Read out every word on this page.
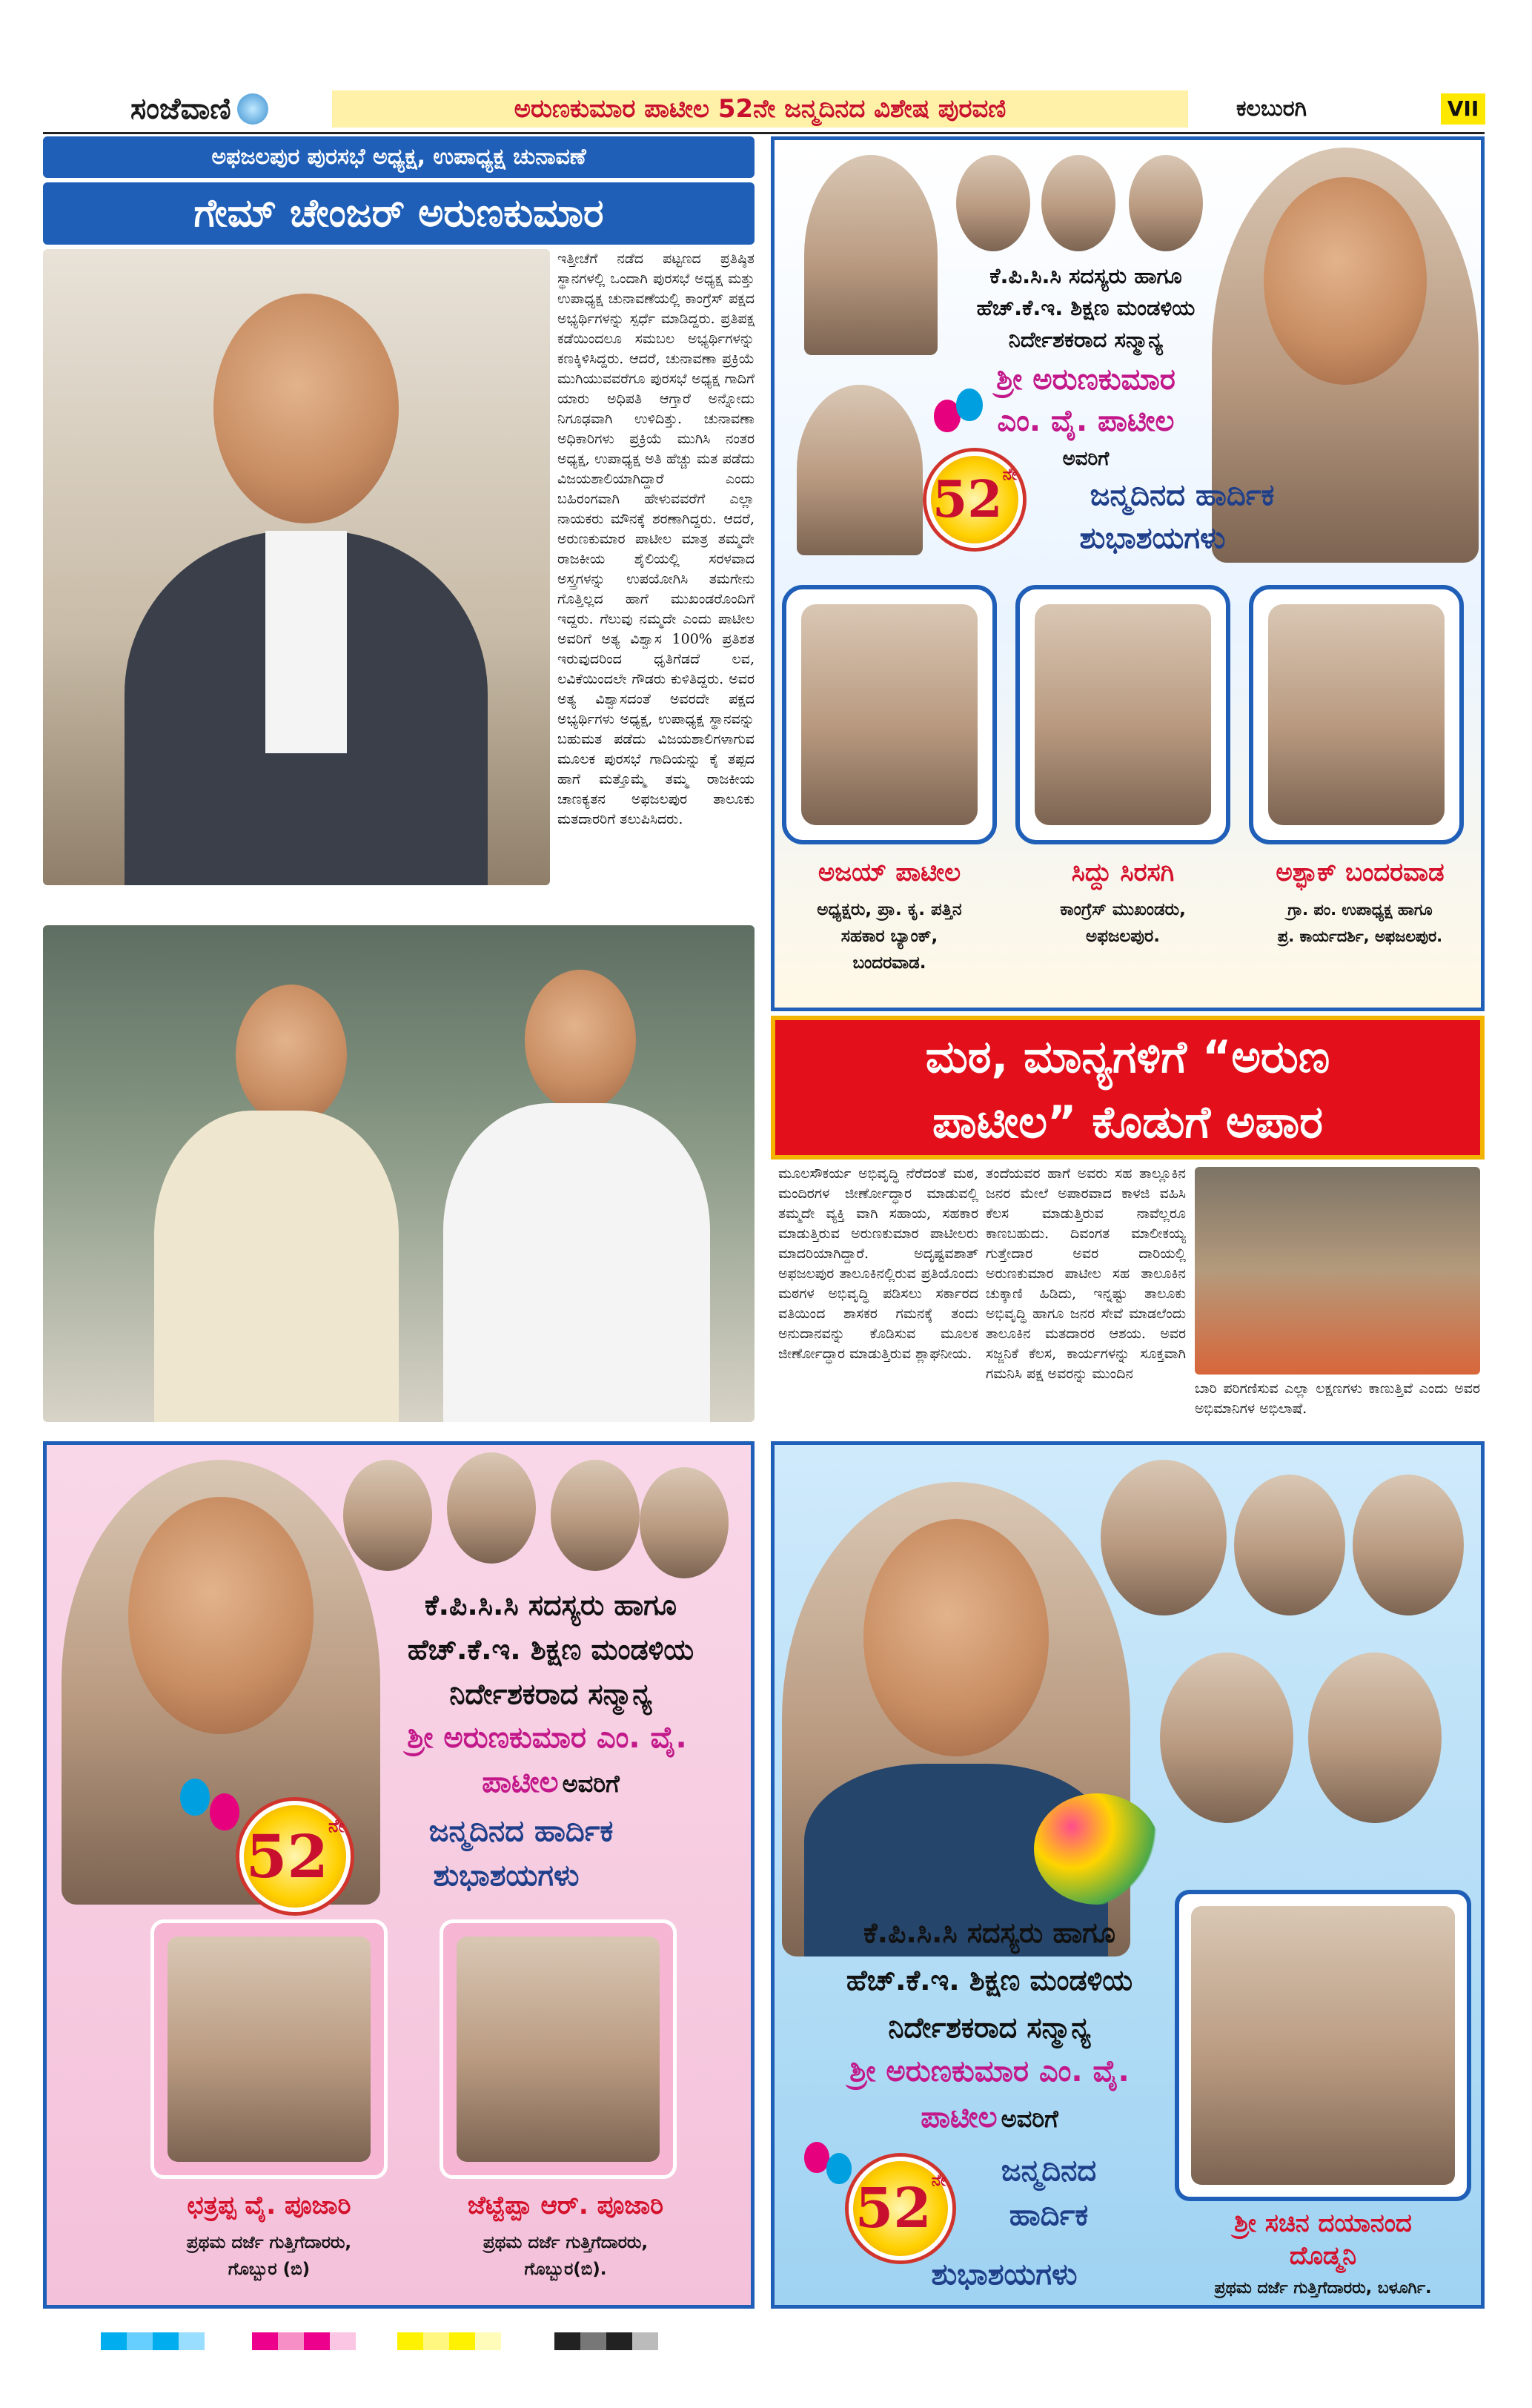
ಸಂಜೆವಾಣಿ	ಅರುಣಕುಮಾರ ಪಾಟೀಲ 52ನೇ ಜನ್ಮದಿನದ ವಿಶೇಷ ಪುರವಣಿ	ಕಲಬುರಗಿ	VII
ಅಫಜಲಪುರ ಪುರಸಭೆ ಅಧ್ಯಕ್ಷ, ಉಪಾಧ್ಯಕ್ಷ ಚುನಾವಣೆ
ಗೇಮ್ ಚೇಂಜರ್ ಅರುಣಕುಮಾರ
ಇತ್ತೀಚೆಗೆ ನಡೆದ ಪಟ್ಟಣದ ಪ್ರತಿಷ್ಠಿತ ಸ್ಥಾನಗಳಲ್ಲಿ ಒಂದಾಗಿ ಪುರಸಭೆ ಅಧ್ಯಕ್ಷ ಮತ್ತು ಉಪಾಧ್ಯಕ್ಷ ಚುನಾವಣೆಯಲ್ಲಿ ಕಾಂಗ್ರೆಸ್ ಪಕ್ಷದ ಅಭ್ಯರ್ಥಿಗಳನ್ನು ಸ್ಪರ್ಧೆ ಮಾಡಿದ್ದರು. ಪ್ರತಿಪಕ್ಷ ಕಡೆಯಿಂದಲೂ ಸಮಬಲ ಅಭ್ಯರ್ಥಿಗಳನ್ನು ಕಣಕ್ಕಿಳಿಸಿದ್ದರು. ಆದರೆ, ಚುನಾವಣಾ ಪ್ರಕ್ರಿಯೆ ಮುಗಿಯುವವರೆಗೂ ಪುರಸಭೆ ಅಧ್ಯಕ್ಷ ಗಾದಿಗೆ ಯಾರು ಅಧಿಪತಿ ಆಗ್ತಾರೆ ಅನ್ನೋದು ನಿಗೂಢವಾಗಿ ಉಳಿದಿತ್ತು. ಚುನಾವಣಾ ಅಧಿಕಾರಿಗಳು ಪ್ರಕ್ರಿಯೆ ಮುಗಿಸಿ ನಂತರ ಅಧ್ಯಕ್ಷ, ಉಪಾಧ್ಯಕ್ಷ ಅತಿ ಹೆಚ್ಚು ಮತ ಪಡೆದು ವಿಜಯಶಾಲಿಯಾಗಿದ್ದಾರೆ ಎಂದು ಬಹಿರಂಗವಾಗಿ ಹೇಳುವವರೆಗೆ ಎಲ್ಲಾ ನಾಯಕರು ಮೌನಕ್ಕೆ ಶರಣಾಗಿದ್ದರು. ಆದರೆ, ಅರುಣಕುಮಾರ ಪಾಟೀಲ ಮಾತ್ರ ತಮ್ಮದೇ ರಾಜಕೀಯ ಶೈಲಿಯಲ್ಲಿ ಸರಳವಾದ ಅಸ್ತ್ರಗಳನ್ನು ಉಪಯೋಗಿಸಿ ತಮಗೇನು ಗೊತ್ತಿಲ್ಲದ ಹಾಗೆ ಮುಖಂಡರೊಂದಿಗೆ ಇದ್ದರು. ಗೆಲುವು ನಮ್ಮದೇ ಎಂದು ಪಾಟೀಲ ಅವರಿಗೆ ಅತ್ಯ ವಿಶ್ವಾಸ 100% ಪ್ರತಿಶತ ಇರುವುದರಿಂದ ಧೃತಿಗೆಡದೆ ಲವ, ಲವಿಕೆಯಿಂದಲೇ ಗೌಡರು ಕುಳಿತಿದ್ದರು. ಅವರ ಅತ್ಯ ವಿಶ್ವಾಸದಂತೆ ಅವರದೇ ಪಕ್ಷದ ಅಭ್ಯರ್ಥಿಗಳು ಅಧ್ಯಕ್ಷ, ಉಪಾಧ್ಯಕ್ಷ ಸ್ಥಾನವನ್ನು ಬಹುಮತ ಪಡೆದು ವಿಜಯಶಾಲಿಗಳಾಗುವ ಮೂಲಕ ಪುರಸಭೆ ಗಾದಿಯನ್ನು ಕೈ ತಪ್ಪದ ಹಾಗೆ ಮತ್ತೊಮ್ಮೆ ತಮ್ಮ ರಾಜಕೀಯ ಚಾಣಕ್ಯತನ ಅಫಜಲಪುರ ತಾಲೂಕು ಮತದಾರರಿಗೆ ತಲುಪಿಸಿದರು.
ಕೆ.ಪಿ.ಸಿ.ಸಿ ಸದಸ್ಯರು ಹಾಗೂ
ಹೆಚ್.ಕೆ.ಇ. ಶಿಕ್ಷಣ ಮಂಡಳಿಯ
ನಿರ್ದೇಶಕರಾದ ಸನ್ಮಾನ್ಯ
ಶ್ರೀ ಅರುಣಕುಮಾರ
ಎಂ. ವೈ. ಪಾಟೀಲ
ಅವರಿಗೆ
ಜನ್ಮದಿನದ ಹಾರ್ದಿಕ
ಶುಭಾಶಯಗಳು
52ನೇ
ಅಜಯ್ ಪಾಟೀಲ
ಅಧ್ಯಕ್ಷರು, ಪ್ರಾ. ಕೃ. ಪತ್ತಿನ
ಸಹಕಾರ ಬ್ಯಾಂಕ್,
ಬಂದರವಾಡ.
ಸಿದ್ದು ಸಿರಸಗಿ
ಕಾಂಗ್ರೆಸ್ ಮುಖಂಡರು,
ಅಫಜಲಪುರ.
ಅಶ್ಫಾಕ್ ಬಂದರವಾಡ
ಗ್ರಾ. ಪಂ. ಉಪಾಧ್ಯಕ್ಷ ಹಾಗೂ
ಪ್ರ. ಕಾರ್ಯದರ್ಶಿ, ಅಫಜಲಪುರ.
ಮಠ, ಮಾನ್ಯಗಳಿಗೆ “ಅರುಣ
ಪಾಟೀಲ” ಕೊಡುಗೆ ಅಪಾರ
ಮೂಲಸೌಕರ್ಯ ಅಭಿವೃದ್ಧಿ ನೆರೆದಂತೆ ಮಠ, ಮಂದಿರಗಳ ಜೀರ್ಣೋದ್ಧಾರ ಮಾಡುವಲ್ಲಿ ತಮ್ಮದೇ ವ್ಯಕ್ತಿ ವಾಗಿ ಸಹಾಯ, ಸಹಕಾರ ಮಾಡುತ್ತಿರುವ ಅರುಣಕುಮಾರ ಪಾಟೀಲರು ಮಾದರಿಯಾಗಿದ್ದಾರೆ. ಅದೃಷ್ಟವಶಾತ್ ಅಫಜಲಪುರ ತಾಲೂಕಿನಲ್ಲಿರುವ ಪ್ರತಿಯೊಂದು ಮಠಗಳ ಅಭಿವೃದ್ಧಿ ಪಡಿಸಲು ಸರ್ಕಾರದ ವತಿಯಿಂದ ಶಾಸಕರ ಗಮನಕ್ಕೆ ತಂದು ಅನುದಾನವನ್ನು ಕೊಡಿಸುವ ಮೂಲಕ ಜೀರ್ಣೋದ್ಧಾರ ಮಾಡುತ್ತಿರುವ ಶ್ಲಾಘನೀಯ.
ತಂದೆಯವರ ಹಾಗೆ ಅವರು ಸಹ ತಾಲ್ಲೂಕಿನ ಜನರ ಮೇಲೆ ಅಪಾರವಾದ ಕಾಳಜಿ ವಹಿಸಿ ಕೆಲಸ ಮಾಡುತ್ತಿರುವ ನಾವೆಲ್ಲರೂ ಕಾಣಬಹುದು. ದಿವಂಗತ ಮಾಲೀಕಯ್ಯ ಗುತ್ತೇದಾರ ಅವರ ದಾರಿಯಲ್ಲಿ ಅರುಣಕುಮಾರ ಪಾಟೀಲ ಸಹ ತಾಲೂಕಿನ ಚುಕ್ಕಾಣಿ ಹಿಡಿದು, ಇನ್ನಷ್ಟು ತಾಲೂಕು ಅಭಿವೃದ್ಧಿ ಹಾಗೂ ಜನರ ಸೇವೆ ಮಾಡಲೆಂದು ತಾಲೂಕಿನ ಮತದಾರರ ಆಶಯ. ಅವರ ಸಜ್ಜನಿಕೆ ಕೆಲಸ, ಕಾರ್ಯಗಳನ್ನು ಸೂಕ್ತವಾಗಿ ಗಮನಿಸಿ ಪಕ್ಷ ಅವರನ್ನು ಮುಂದಿನ
ಬಾರಿ ಪರಿಗಣಿಸುವ ಎಲ್ಲಾ ಲಕ್ಷಣಗಳು ಕಾಣುತ್ತಿವೆ ಎಂದು ಅವರ ಅಭಿಮಾನಿಗಳ ಅಭಿಲಾಷೆ.
ಕೆ.ಪಿ.ಸಿ.ಸಿ ಸದಸ್ಯರು ಹಾಗೂ
ಹೆಚ್.ಕೆ.ಇ. ಶಿಕ್ಷಣ ಮಂಡಳಿಯ
ನಿರ್ದೇಶಕರಾದ ಸನ್ಮಾನ್ಯ
ಶ್ರೀ ಅರುಣಕುಮಾರ ಎಂ. ವೈ.
ಪಾಟೀಲ ಅವರಿಗೆ
ಜನ್ಮದಿನದ ಹಾರ್ದಿಕ
ಶುಭಾಶಯಗಳು
52ನೇ
ಛತ್ರಪ್ಪ ವೈ. ಪೂಜಾರಿ
ಪ್ರಥಮ ದರ್ಜೆ ಗುತ್ತಿಗೆದಾರರು,
ಗೊಬ್ಬುರ (ಬಿ)
ಜೆಟ್ಟೆಪ್ಪಾ ಆರ್. ಪೂಜಾರಿ
ಪ್ರಥಮ ದರ್ಜೆ ಗುತ್ತಿಗೆದಾರರು,
ಗೊಬ್ಬುರ(ಬಿ).
ಕೆ.ಪಿ.ಸಿ.ಸಿ ಸದಸ್ಯರು ಹಾಗೂ
ಹೆಚ್.ಕೆ.ಇ. ಶಿಕ್ಷಣ ಮಂಡಳಿಯ
ನಿರ್ದೇಶಕರಾದ ಸನ್ಮಾನ್ಯ
ಶ್ರೀ ಅರುಣಕುಮಾರ ಎಂ. ವೈ.
ಪಾಟೀಲ ಅವರಿಗೆ
52ನೇ	ಜನ್ಮದಿನದ
ಹಾರ್ದಿಕ
ಶುಭಾಶಯಗಳು
ಶ್ರೀ ಸಚಿನ ದಯಾನಂದ
ದೊಡ್ಮನಿ
ಪ್ರಥಮ ದರ್ಜೆ ಗುತ್ತಿಗೆದಾರರು, ಬಳೂರ್ಗಿ.
